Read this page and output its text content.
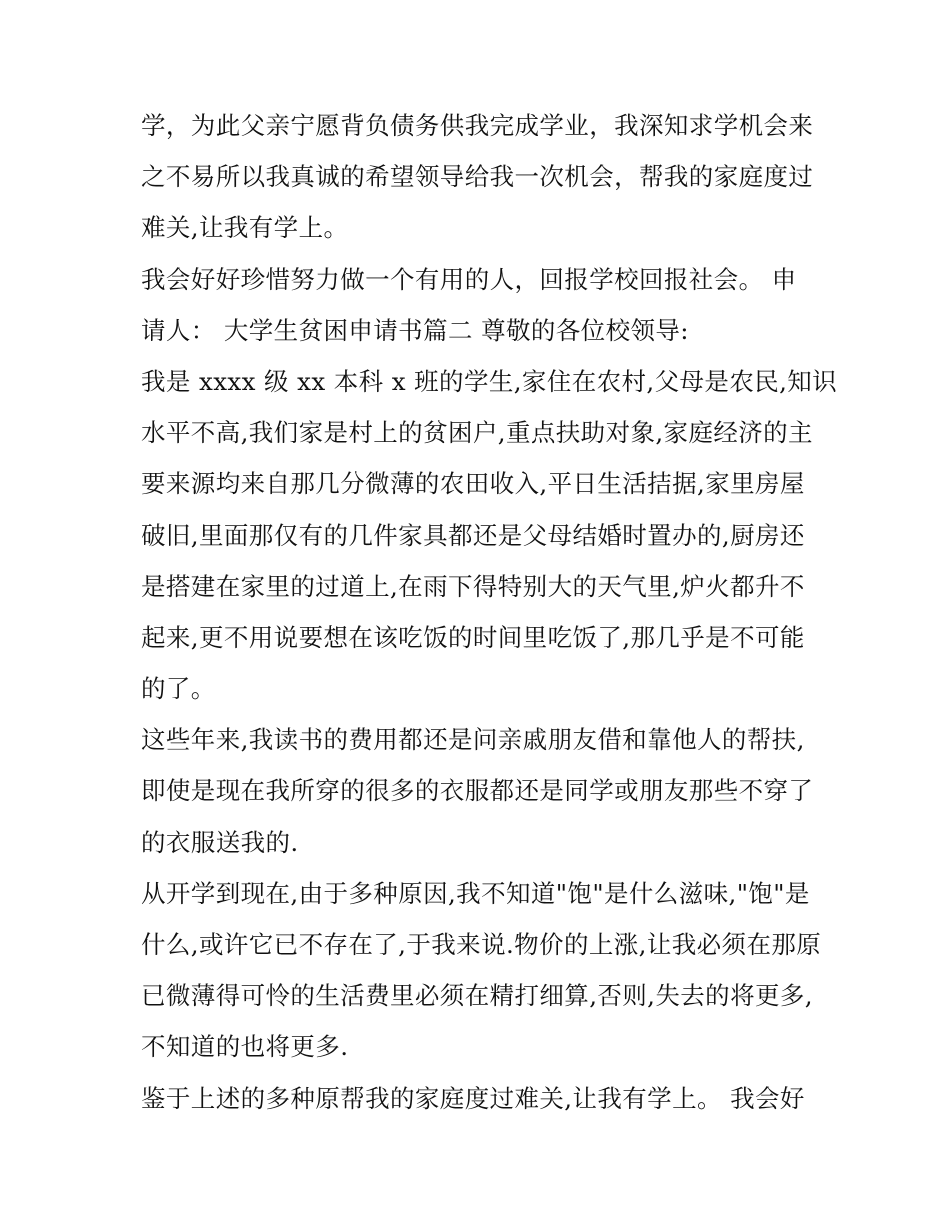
学，为此父亲宁愿背负债务供我完成学业，我深知求学机会来
之不易所以我真诚的希望领导给我一次机会，帮我的家庭度过
难关,让我有学上。
我会好好珍惜努力做一个有用的人，回报学校回报社会。 申
请人： 大学生贫困申请书篇二 尊敬的各位校领导:
我是 xxxx 级 xx 本科 x 班的学生,家住在农村,父母是农民,知识
水平不高,我们家是村上的贫困户,重点扶助对象,家庭经济的主
要来源均来自那几分微薄的农田收入,平日生活拮据,家里房屋
破旧,里面那仅有的几件家具都还是父母结婚时置办的,厨房还
是搭建在家里的过道上,在雨下得特别大的天气里,炉火都升不
起来,更不用说要想在该吃饭的时间里吃饭了,那几乎是不可能
的了。
这些年来,我读书的费用都还是问亲戚朋友借和靠他人的帮扶,
即使是现在我所穿的很多的衣服都还是同学或朋友那些不穿了
的衣服送我的.
从开学到现在,由于多种原因,我不知道"饱"是什么滋味,"饱"是
什么,或许它已不存在了,于我来说.物价的上涨,让我必须在那原
已微薄得可怜的生活费里必须在精打细算,否则,失去的将更多,
不知道的也将更多.
鉴于上述的多种原帮我的家庭度过难关,让我有学上。 我会好
